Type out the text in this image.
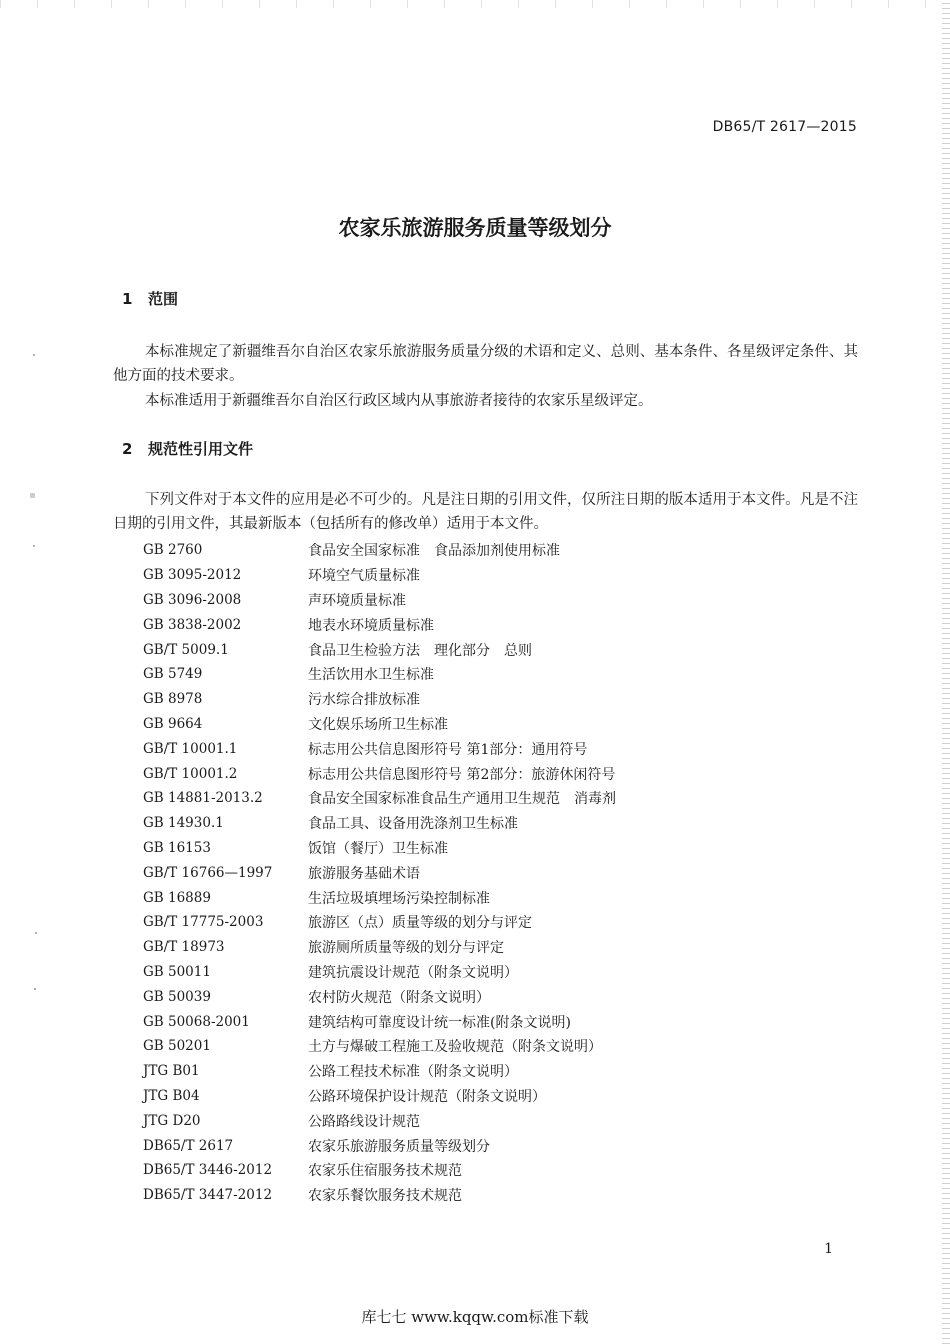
DB65/T 2617—2015
农家乐旅游服务质量等级划分
1 范围

本标准规定了新疆维吾尔自治区农家乐旅游服务质量分级的术语和定义、总则、基本条件、各星级评定条件、其他方面的技术要求。

本标准适用于新疆维吾尔自治区行政区域内从事旅游者接待的农家乐星级评定。

2 规范性引用文件

下列文件对于本文件的应用是必不可少的。凡是注日期的引用文件，仅所注日期的版本适用于本文件。凡是不注日期的引用文件，其最新版本（包括所有的修改单）适用于本文件。

GB 2760	食品安全国家标准　食品添加剂使用标准
GB 3095-2012	环境空气质量标准
GB 3096-2008	声环境质量标准
GB 3838-2002	地表水环境质量标准
GB/T 5009.1	食品卫生检验方法　理化部分　总则
GB 5749	生活饮用水卫生标准
GB 8978	污水综合排放标准
GB 9664	文化娱乐场所卫生标准
GB/T 10001.1	标志用公共信息图形符号 第1部分：通用符号
GB/T 10001.2	标志用公共信息图形符号 第2部分：旅游休闲符号
GB 14881-2013.2	食品安全国家标准食品生产通用卫生规范　消毒剂
GB 14930.1	食品工具、设备用洗涤剂卫生标准
GB 16153	饭馆（餐厅）卫生标准
GB/T 16766—1997	旅游服务基础术语
GB 16889	生活垃圾填埋场污染控制标准
GB/T 17775-2003	旅游区（点）质量等级的划分与评定
GB/T 18973	旅游厕所质量等级的划分与评定
GB 50011	建筑抗震设计规范（附条文说明）
GB 50039	农村防火规范（附条文说明）
GB 50068-2001	建筑结构可靠度设计统一标准(附条文说明)
GB 50201	土方与爆破工程施工及验收规范（附条文说明）
JTG B01	公路工程技术标准（附条文说明）
JTG B04	公路环境保护设计规范（附条文说明）
JTG D20	公路路线设计规范
DB65/T 2617	农家乐旅游服务质量等级划分
DB65/T 3446-2012	农家乐住宿服务技术规范
DB65/T 3447-2012	农家乐餐饮服务技术规范
1
库七七 www.kqqw.com标准下载
